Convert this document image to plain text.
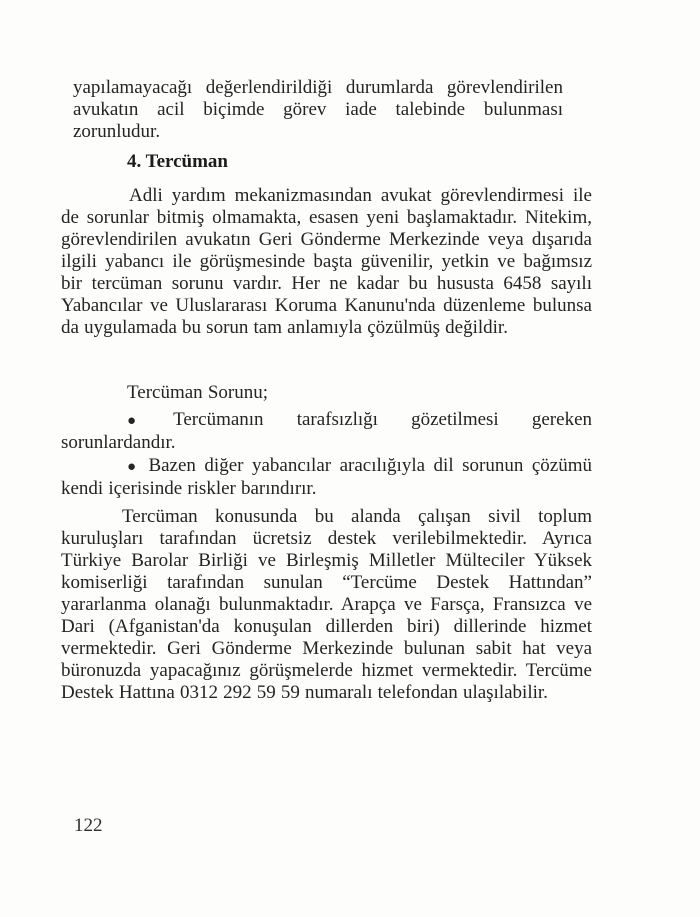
yapılamayacağı değerlendirildiği durumlarda görevlendirilen avukatın acil biçimde görev iade talebinde bulunması zorunludur.

4. Tercüman

Adli yardım mekanizmasından avukat görevlendirmesi ile de sorunlar bitmiş olmamakta, esasen yeni başlamaktadır. Nitekim, görevlendirilen avukatın Geri Gönderme Merkezinde veya dışarıda ilgili yabancı ile görüşmesinde başta güvenilir, yetkin ve bağımsız bir tercüman sorunu vardır. Her ne kadar bu hususta 6458 sayılı Yabancılar ve Uluslararası Koruma Kanunu'nda düzenleme bulunsa da uygulamada bu sorun tam anlamıyla çözülmüş değildir.

Tercüman Sorunu;

● Tercümanın tarafsızlığı gözetilmesi gereken sorunlardandır.

● Bazen diğer yabancılar aracılığıyla dil sorunun çözümü kendi içerisinde riskler barındırır.

Tercüman konusunda bu alanda çalışan sivil toplum kuruluşları tarafından ücretsiz destek verilebilmektedir. Ayrıca Türkiye Barolar Birliği ve Birleşmiş Milletler Mülteciler Yüksek komiserliği tarafından sunulan “Tercüme Destek Hattından” yararlanma olanağı bulunmaktadır. Arapça ve Farsça, Fransızca ve Dari (Afganistan'da konuşulan dillerden biri) dillerinde hizmet vermektedir. Geri Gönderme Merkezinde bulunan sabit hat veya büronuzda yapacağınız görüşmelerde hizmet vermektedir. Tercüme Destek Hattına 0312 292 59 59 numaralı telefondan ulaşılabilir.

122
